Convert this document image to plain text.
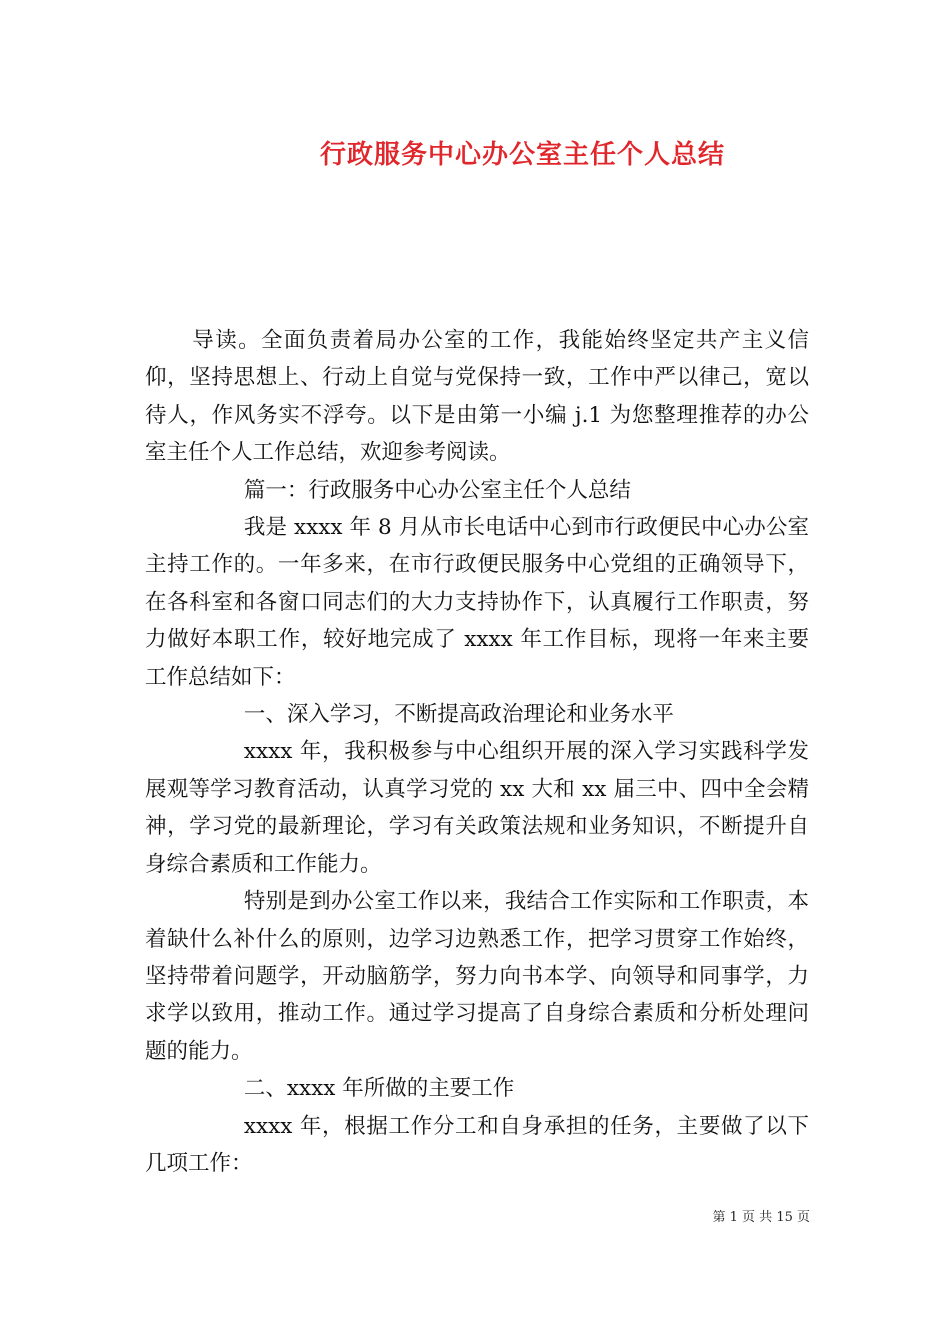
行政服务中心办公室主任个人总结

导读。全面负责着局办公室的工作，我能始终坚定共产主义信仰，坚持思想上、行动上自觉与党保持一致，工作中严以律己，宽以待人，作风务实不浮夸。以下是由第一小编 j.1 为您整理推荐的办公室主任个人工作总结，欢迎参考阅读。

篇一：行政服务中心办公室主任个人总结

我是 xxxx 年 8 月从市长电话中心到市行政便民中心办公室主持工作的。一年多来，在市行政便民服务中心党组的正确领导下，在各科室和各窗口同志们的大力支持协作下，认真履行工作职责，努力做好本职工作，较好地完成了 xxxx 年工作目标，现将一年来主要工作总结如下：

一、深入学习，不断提高政治理论和业务水平

xxxx 年，我积极参与中心组织开展的深入学习实践科学发展观等学习教育活动，认真学习党的 xx 大和 xx 届三中、四中全会精神，学习党的最新理论，学习有关政策法规和业务知识，不断提升自身综合素质和工作能力。

特别是到办公室工作以来，我结合工作实际和工作职责，本着缺什么补什么的原则，边学习边熟悉工作，把学习贯穿工作始终，坚持带着问题学，开动脑筋学，努力向书本学、向领导和同事学，力求学以致用，推动工作。通过学习提高了自身综合素质和分析处理问题的能力。

二、xxxx 年所做的主要工作

xxxx 年，根据工作分工和自身承担的任务，主要做了以下几项工作：

第 1 页 共 15 页
